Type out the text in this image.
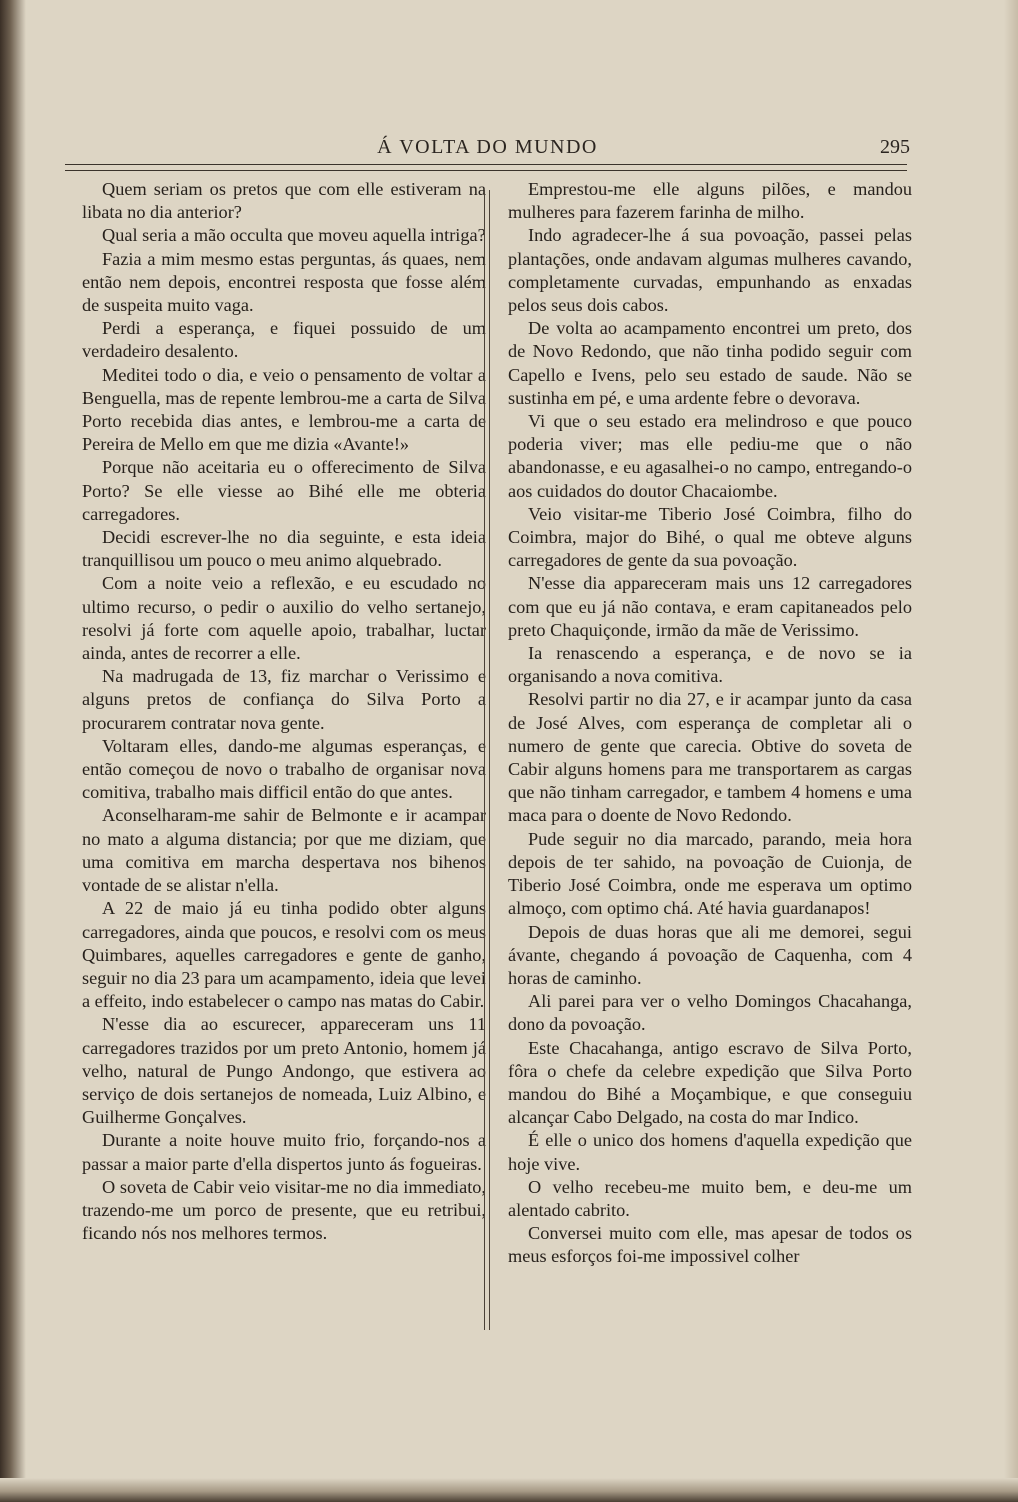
Á VOLTA DO MUNDO	295

Quem seriam os pretos que com elle estiveram na libata no dia anterior?

Qual seria a mão occulta que moveu aquella intriga?

Fazia a mim mesmo estas perguntas, ás quaes, nem então nem depois, encontrei resposta que fosse além de suspeita muito vaga.

Perdi a esperança, e fiquei possuido de um verdadeiro desalento.

Meditei todo o dia, e veio o pensamento de voltar a Benguella, mas de repente lembrou-me a carta de Silva Porto recebida dias antes, e lembrou-me a carta de Pereira de Mello em que me dizia «Avante!»

Porque não aceitaria eu o offerecimento de Silva Porto? Se elle viesse ao Bihé elle me obteria carregadores.

Decidi escrever-lhe no dia seguinte, e esta ideia tranquillisou um pouco o meu animo alquebrado.

Com a noite veio a reflexão, e eu escudado no ultimo recurso, o pedir o auxilio do velho sertanejo, resolvi já forte com aquelle apoio, trabalhar, luctar ainda, antes de recorrer a elle.

Na madrugada de 13, fiz marchar o Verissimo e alguns pretos de confiança do Silva Porto a procurarem contratar nova gente.

Voltaram elles, dando-me algumas esperanças, e então começou de novo o trabalho de organisar nova comitiva, trabalho mais difficil então do que antes.

Aconselharam-me sahir de Belmonte e ir acampar no mato a alguma distancia; por que me diziam, que uma comitiva em marcha despertava nos bihenos vontade de se alistar n'ella.

A 22 de maio já eu tinha podido obter alguns carregadores, ainda que poucos, e resolvi com os meus Quimbares, aquelles carregadores e gente de ganho, seguir no dia 23 para um acampamento, ideia que levei a effeito, indo estabelecer o campo nas matas do Cabir.

N'esse dia ao escurecer, appareceram uns 11 carregadores trazidos por um preto Antonio, homem já velho, natural de Pungo Andongo, que estivera ao serviço de dois sertanejos de nomeada, Luiz Albino, e Guilherme Gonçalves.

Durante a noite houve muito frio, forçando-nos a passar a maior parte d'ella dispertos junto ás fogueiras.

O soveta de Cabir veio visitar-me no dia immediato, trazendo-me um porco de presente, que eu retribui, ficando nós nos melhores termos.

Emprestou-me elle alguns pilões, e mandou mulheres para fazerem farinha de milho.

Indo agradecer-lhe á sua povoação, passei pelas plantações, onde andavam algumas mulheres cavando, completamente curvadas, empunhando as enxadas pelos seus dois cabos.

De volta ao acampamento encontrei um preto, dos de Novo Redondo, que não tinha podido seguir com Capello e Ivens, pelo seu estado de saude. Não se sustinha em pé, e uma ardente febre o devorava.

Vi que o seu estado era melindroso e que pouco poderia viver; mas elle pediu-me que o não abandonasse, e eu agasalhei-o no campo, entregando-o aos cuidados do doutor Chacaiombe.

Veio visitar-me Tiberio José Coimbra, filho do Coimbra, major do Bihé, o qual me obteve alguns carregadores de gente da sua povoação.

N'esse dia appareceram mais uns 12 carregadores com que eu já não contava, e eram capitaneados pelo preto Chaquiçonde, irmão da mãe de Verissimo.

Ia renascendo a esperança, e de novo se ia organisando a nova comitiva.

Resolvi partir no dia 27, e ir acampar junto da casa de José Alves, com esperança de completar ali o numero de gente que carecia. Obtive do soveta de Cabir alguns homens para me transportarem as cargas que não tinham carregador, e tambem 4 homens e uma maca para o doente de Novo Redondo.

Pude seguir no dia marcado, parando, meia hora depois de ter sahido, na povoação de Cuionja, de Tiberio José Coimbra, onde me esperava um optimo almoço, com optimo chá. Até havia guardanapos!

Depois de duas horas que ali me demorei, segui ávante, chegando á povoação de Caquenha, com 4 horas de caminho.

Ali parei para ver o velho Domingos Chacahanga, dono da povoação.

Este Chacahanga, antigo escravo de Silva Porto, fôra o chefe da celebre expedição que Silva Porto mandou do Bihé a Moçambique, e que conseguiu alcançar Cabo Delgado, na costa do mar Indico.

É elle o unico dos homens d'aquella expedição que hoje vive.

O velho recebeu-me muito bem, e deu-me um alentado cabrito.

Conversei muito com elle, mas apesar de todos os meus esforços foi-me impossivel colher
